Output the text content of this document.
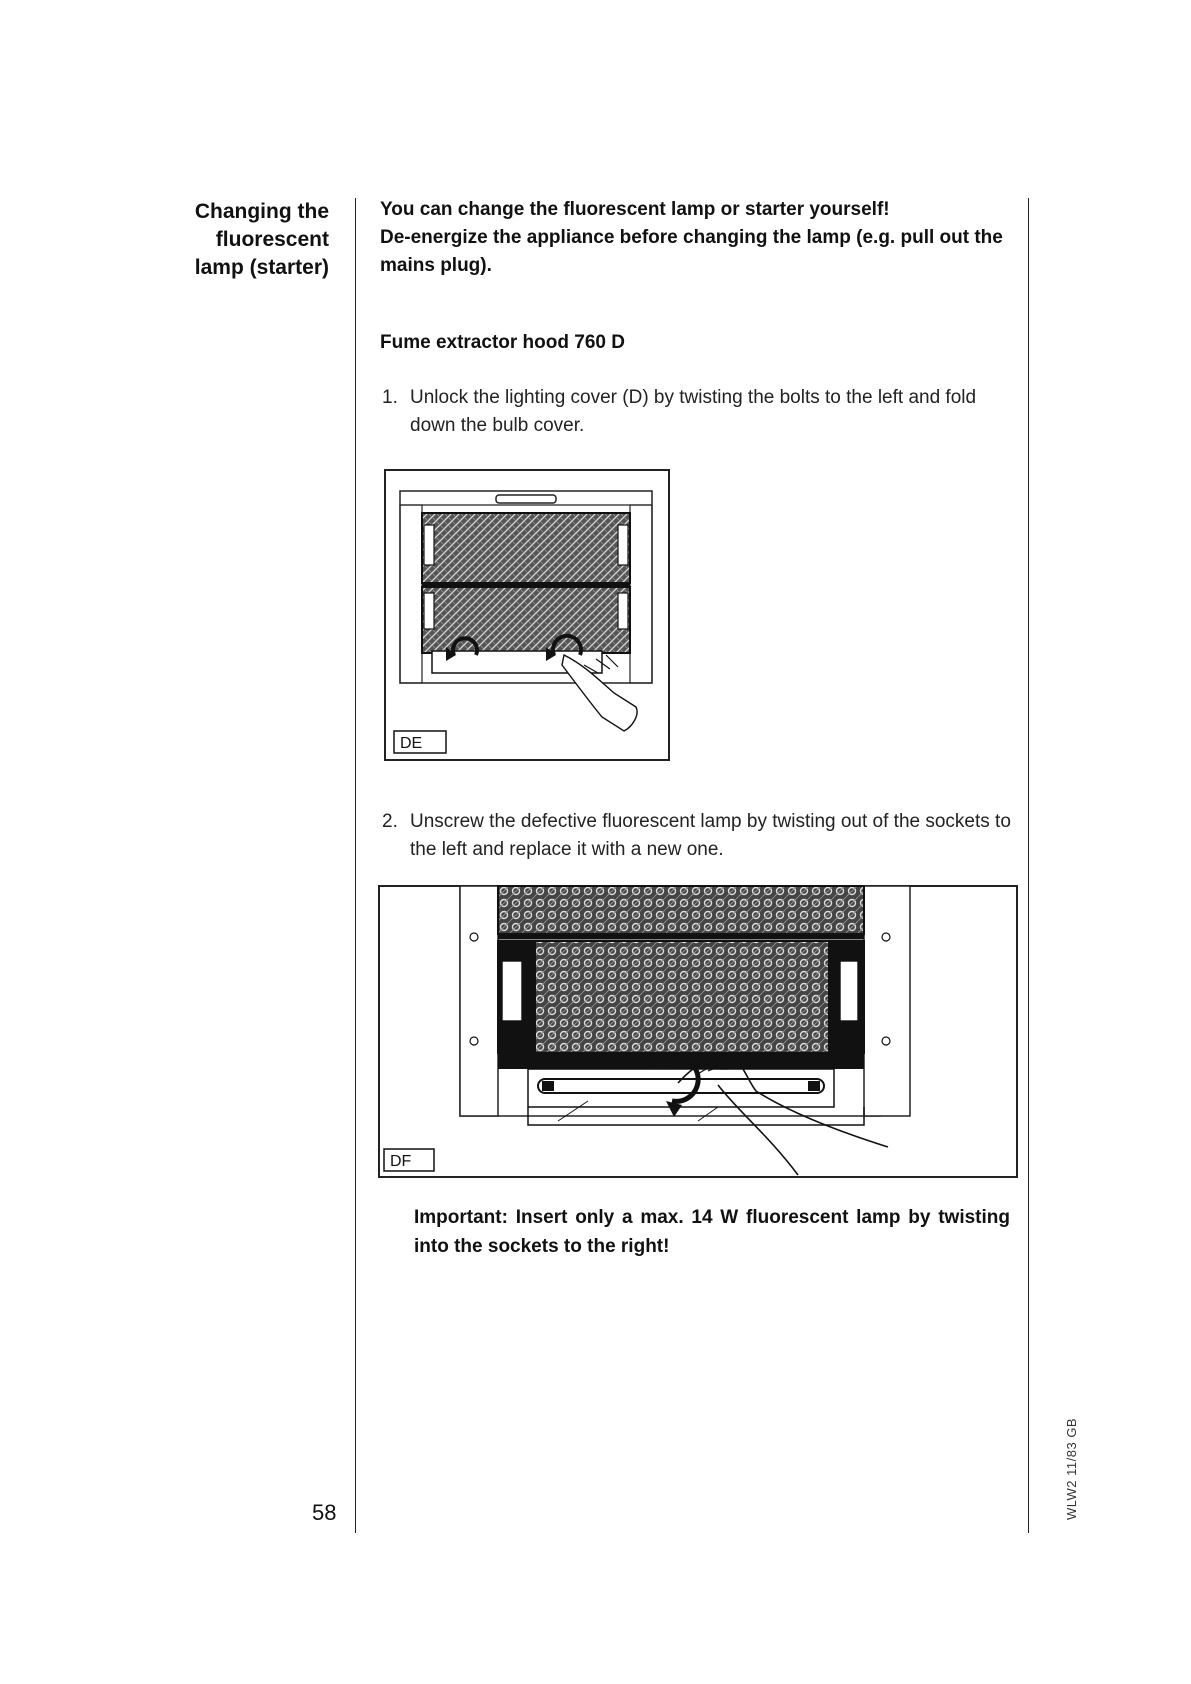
Changing the
fluorescent
lamp (starter)
58

You can change the fluorescent lamp or starter yourself!

De-energize the appliance before changing the lamp (e.g. pull out the mains plug).

Fume extractor hood 760 D
1. Unlock the lighting cover (D) by twisting the bolts to the left and fold down the bulb cover.
DE
2. Unscrew the defective fluorescent lamp by twisting out of the sockets to the left and replace it with a new one.
DF
Important: Insert only a max. 14 W fluorescent lamp by twisting into the sockets to the right!
WLW2 11/83 GB
